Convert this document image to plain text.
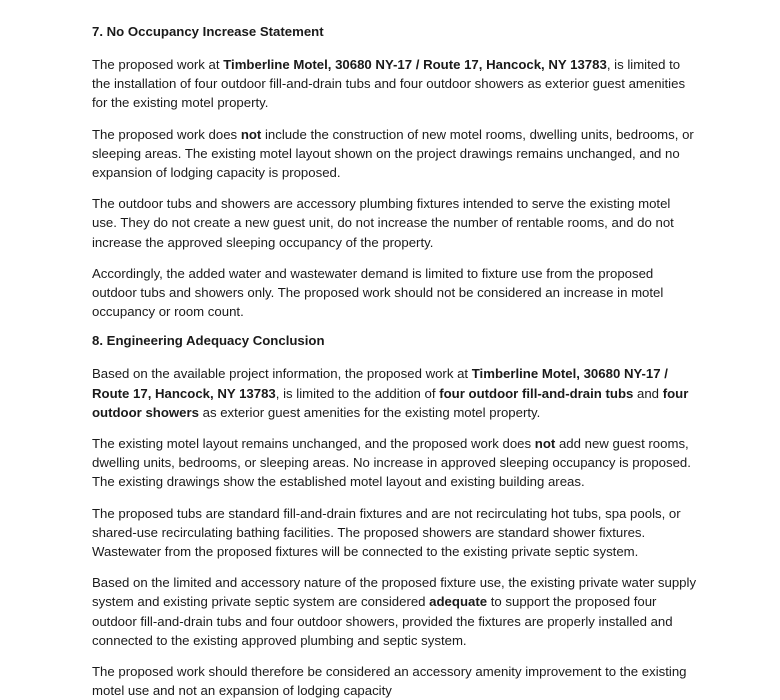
7. No Occupancy Increase Statement

The proposed work at Timberline Motel, 30680 NY-17 / Route 17, Hancock, NY 13783, is limited to the installation of four outdoor fill-and-drain tubs and four outdoor showers as exterior guest amenities for the existing motel property.

The proposed work does not include the construction of new motel rooms, dwelling units, bedrooms, or sleeping areas. The existing motel layout shown on the project drawings remains unchanged, and no expansion of lodging capacity is proposed.

The outdoor tubs and showers are accessory plumbing fixtures intended to serve the existing motel use. They do not create a new guest unit, do not increase the number of rentable rooms, and do not increase the approved sleeping occupancy of the property.

Accordingly, the added water and wastewater demand is limited to fixture use from the proposed outdoor tubs and showers only. The proposed work should not be considered an increase in motel occupancy or room count.

8. Engineering Adequacy Conclusion

Based on the available project information, the proposed work at Timberline Motel, 30680 NY-17 / Route 17, Hancock, NY 13783, is limited to the addition of four outdoor fill-and-drain tubs and four outdoor showers as exterior guest amenities for the existing motel property.

The existing motel layout remains unchanged, and the proposed work does not add new guest rooms, dwelling units, bedrooms, or sleeping areas. No increase in approved sleeping occupancy is proposed. The existing drawings show the established motel layout and existing building areas.

The proposed tubs are standard fill-and-drain fixtures and are not recirculating hot tubs, spa pools, or shared-use recirculating bathing facilities. The proposed showers are standard shower fixtures. Wastewater from the proposed fixtures will be connected to the existing private septic system.

Based on the limited and accessory nature of the proposed fixture use, the existing private water supply system and existing private septic system are considered adequate to support the proposed four outdoor fill-and-drain tubs and four outdoor showers, provided the fixtures are properly installed and connected to the existing approved plumbing and septic system.

The proposed work should therefore be considered an accessory amenity improvement to the existing motel use and not an expansion of lodging capacity
